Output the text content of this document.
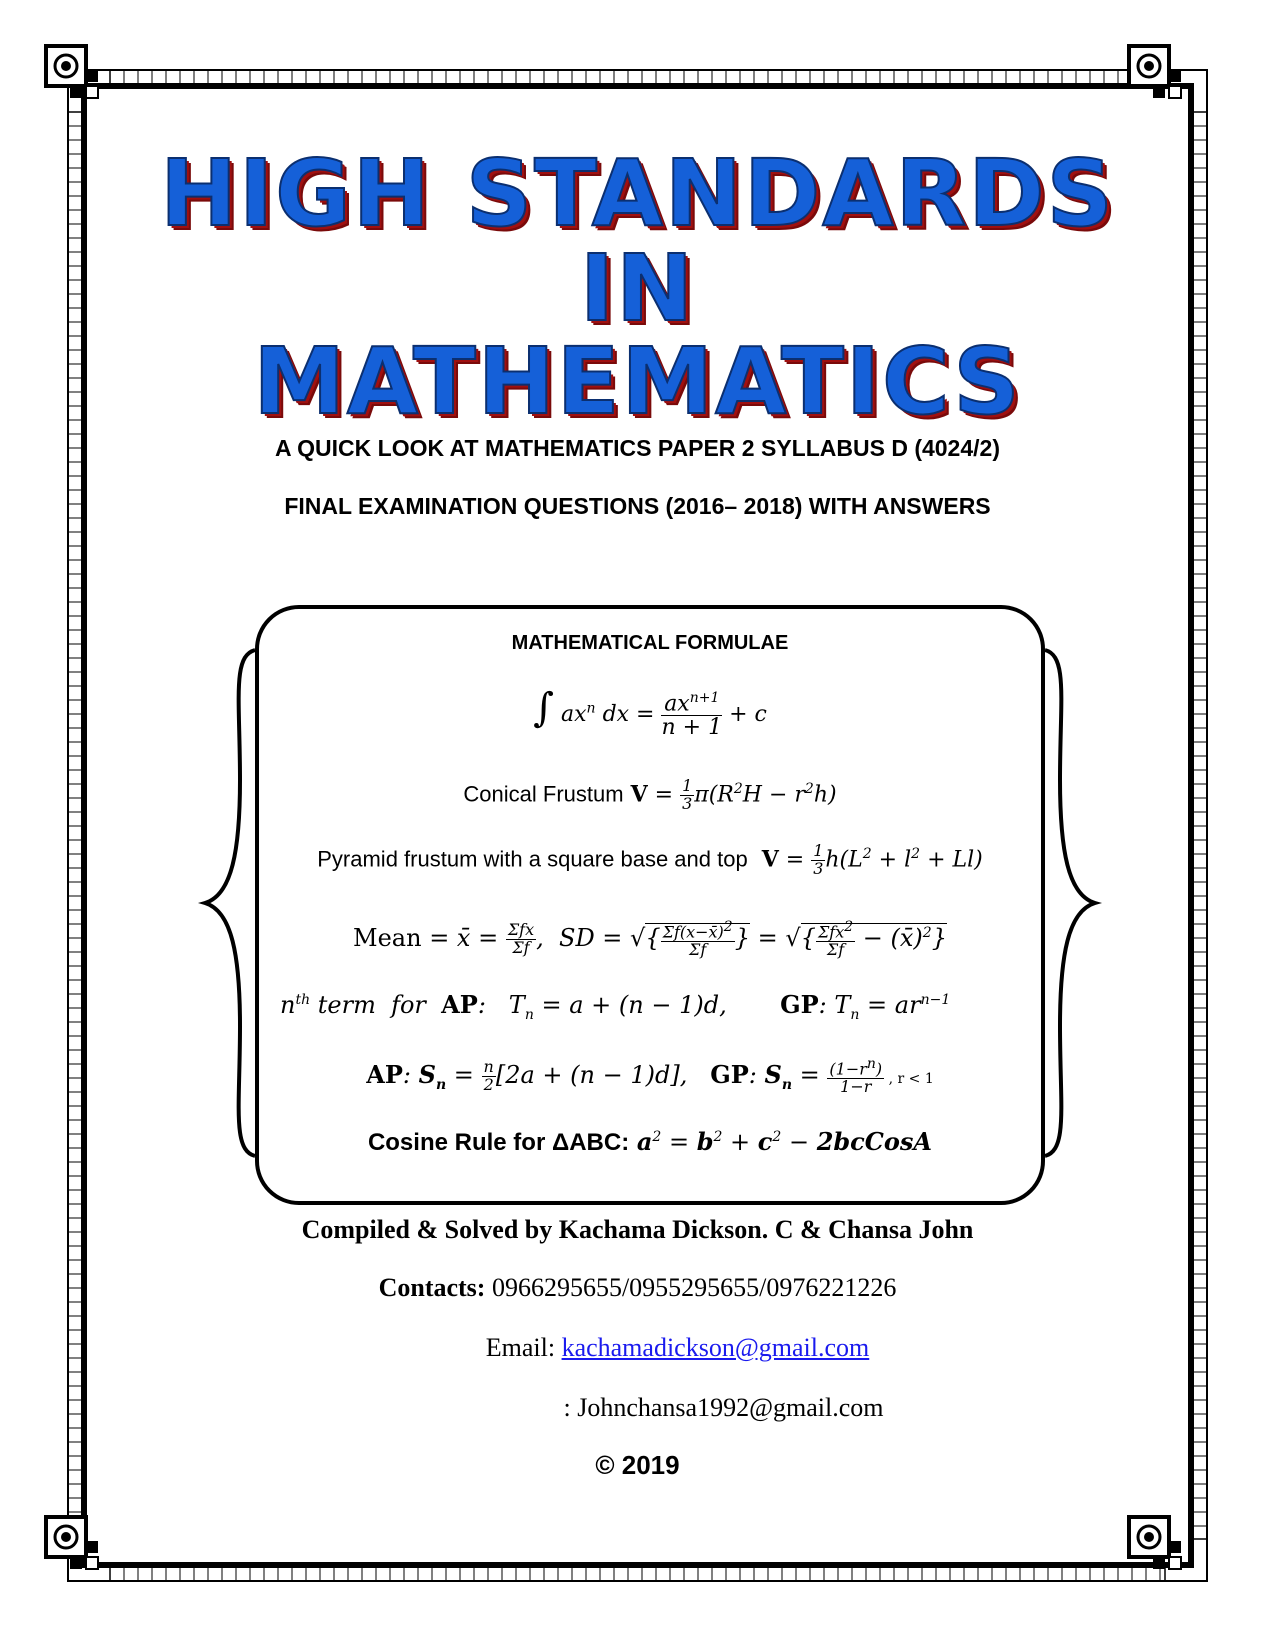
HIGH STANDARDS
IN
MATHEMATICS
A QUICK LOOK AT MATHEMATICS PAPER 2 SYLLABUS D (4024/2)
FINAL EXAMINATION QUESTIONS (2016– 2018) WITH ANSWERS
MATHEMATICAL FORMULAE
∫ $ax^n$ dx = $\frac{ax^{n+1}}{n + 1} + c$
Conical Frustum $V = \frac{1}{3} \pi(R^2H - r^2h)$
Pyramid frustum with a square base and top $V = \frac{1}{3} h(L^2 + l^2 + Ll)$
Mean = x̄ = $\frac{\text{Σfx}}{\Sigma f}$ ,  SD = √{ $\frac{\Sigma f(x-x̄)^2}{\Sigma f}$ } = √{ $\frac{\Sigma fx^2}{\Sigma f}$ − (x̄)$^2$}
$n^{th}$ term  for  AP:   $T_n = a + (n - 1)d$,       GP: $T_n = ar^{n-1}$
AP: $S_n = \frac{n}{2} [2a + (n - 1)d]$,   GP: $S_n = \frac{(1-r^n)}{1-r}$ , r < 1
Cosine Rule for ΔABC: $a^2 = b^2 + c^2$ − 2bcCosA
Compiled & Solved by Kachama Dickson. C & Chansa John
Contacts: 0966295655/0955295655/0976221226
Email: kachamadickson@gmail.com
: Johnchansa1992@gmail.com
© 2019
